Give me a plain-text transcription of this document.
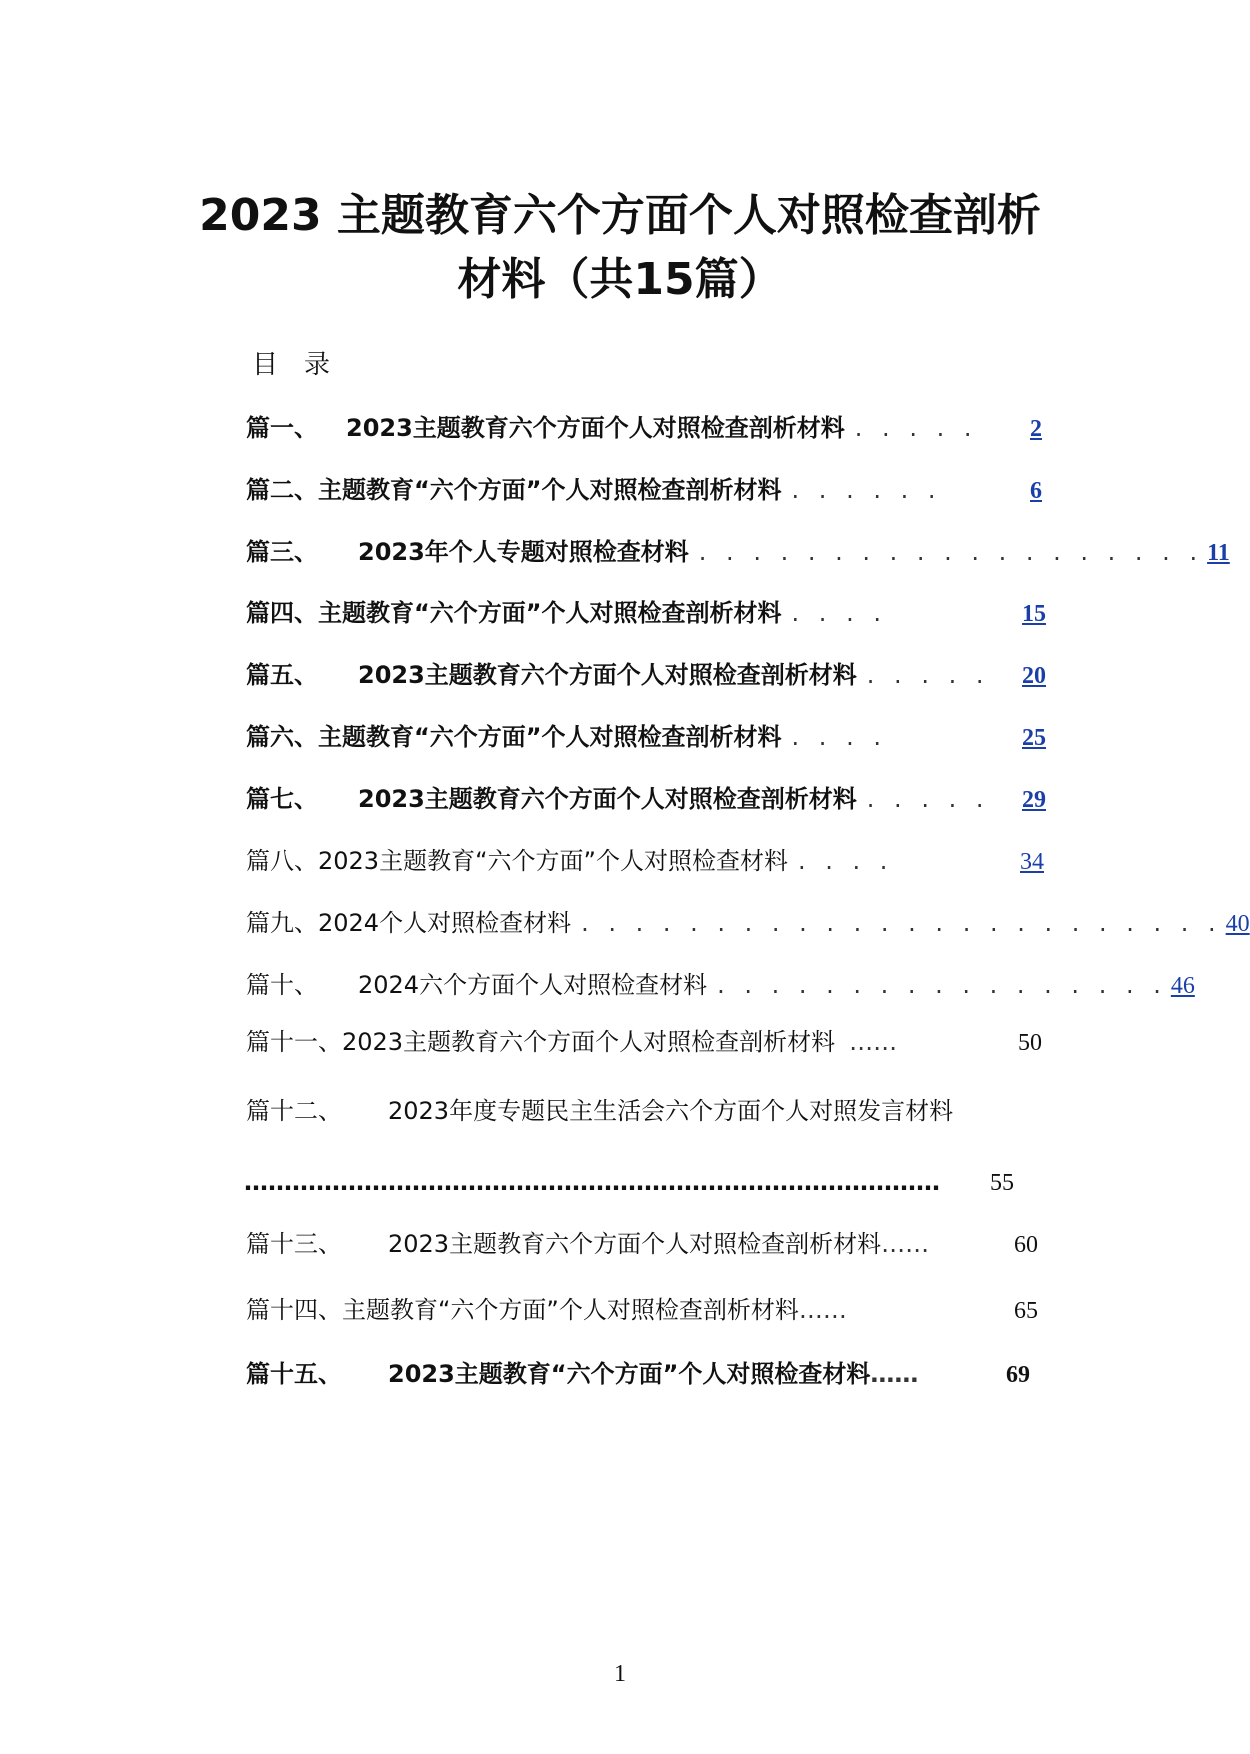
2023 主题教育六个方面个人对照检查剖析
材料（共15篇）
目录
篇一、	2023主题教育六个方面个人对照检查剖析材料 . . . . .	2
篇二、 主题教育“六个方面”个人对照检查剖析材料 . . . . . .	6
篇三、	2023年个人专题对照检查材料 . . . . . . . . . . . . . . . . . . . 11
篇四、 主题教育“六个方面”个人对照检查剖析材料 . . . .	15
篇五、	2023主题教育六个方面个人对照检查剖析材料 . . . . .	20
篇六、 主题教育“六个方面”个人对照检查剖析材料 . . . .	25
篇七、	2023主题教育六个方面个人对照检查剖析材料 . . . . .	29
篇八、 2023主题教育“六个方面”个人对照检查材料 . . . .	34
篇九、 2024个人对照检查材料 . . . . . . . . . . . . . . . . . . . . . . . . 40
篇十、	2024六个方面个人对照检查材料 . . . . . . . . . . . . . . . . . 46
篇十一、 2023主题教育六个方面个人对照检查剖析材料 ……	50
篇十二、	2023年度专题民主生活会六个方面个人对照发言材料
……………………………………………………………………………	55
篇十三、	2023主题教育六个方面个人对照检查剖析材料 ……	60
篇十四、 主题教育“六个方面”个人对照检查剖析材料 ……	65
篇十五、	2023主题教育“六个方面”个人对照检查材料 ……	69
1
